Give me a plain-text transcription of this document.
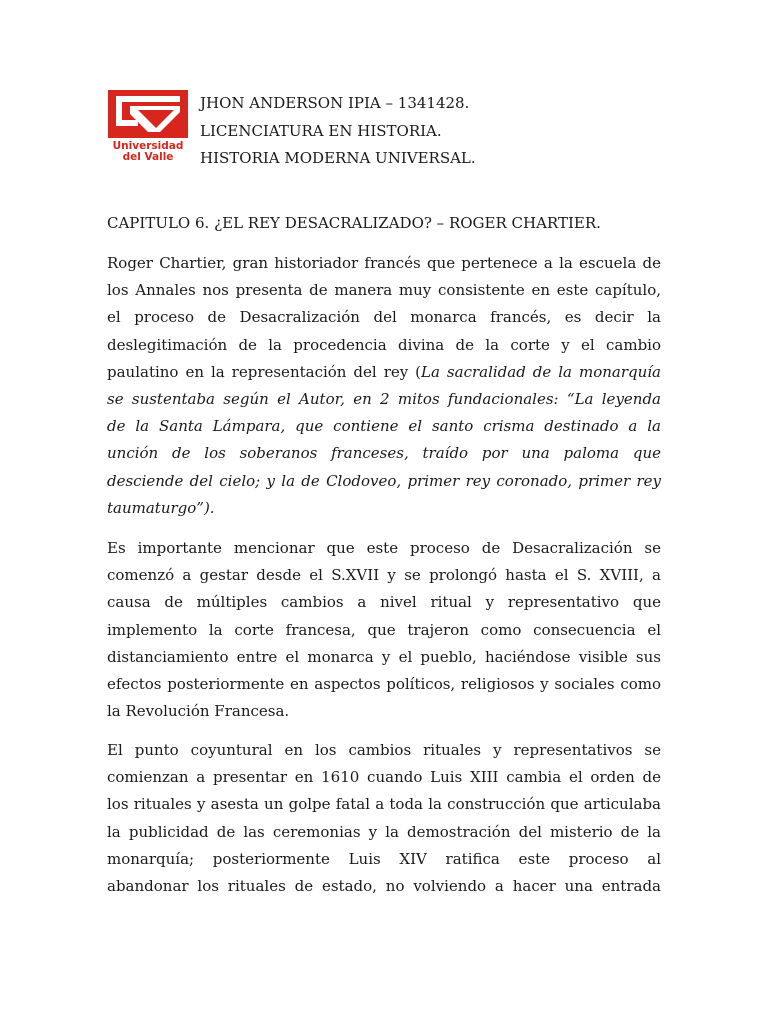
Universidad
del Valle
JHON ANDERSON IPIA – 1341428.
LICENCIATURA EN HISTORIA.
HISTORIA MODERNA UNIVERSAL.
CAPITULO 6. ¿EL REY DESACRALIZADO? – ROGER CHARTIER.
Roger Chartier, gran historiador francés que pertenece a la escuela de
los Annales nos presenta de manera muy consistente en este capítulo,
el proceso de Desacralización del monarca francés, es decir la
deslegitimación de la procedencia divina de la corte y el cambio
paulatino en la representación del rey (La sacralidad de la monarquía
se sustentaba según el Autor, en 2 mitos fundacionales: “La leyenda
de la Santa Lámpara, que contiene el santo crisma destinado a la
unción de los soberanos franceses, traído por una paloma que
desciende del cielo; y la de Clodoveo, primer rey coronado, primer rey
taumaturgo”).
Es importante mencionar que este proceso de Desacralización se
comenzó a gestar desde el S.XVII y se prolongó hasta el S. XVIII, a
causa de múltiples cambios a nivel ritual y representativo que
implemento la corte francesa, que trajeron como consecuencia el
distanciamiento entre el monarca y el pueblo, haciéndose visible sus
efectos posteriormente en aspectos políticos, religiosos y sociales como
la Revolución Francesa.
El punto coyuntural en los cambios rituales y representativos se
comienzan a presentar en 1610 cuando Luis XIII cambia el orden de
los rituales y asesta un golpe fatal a toda la construcción que articulaba
la publicidad de las ceremonias y la demostración del misterio de la
monarquía; posteriormente Luis XIV ratifica este proceso al
abandonar los rituales de estado, no volviendo a hacer una entrada
